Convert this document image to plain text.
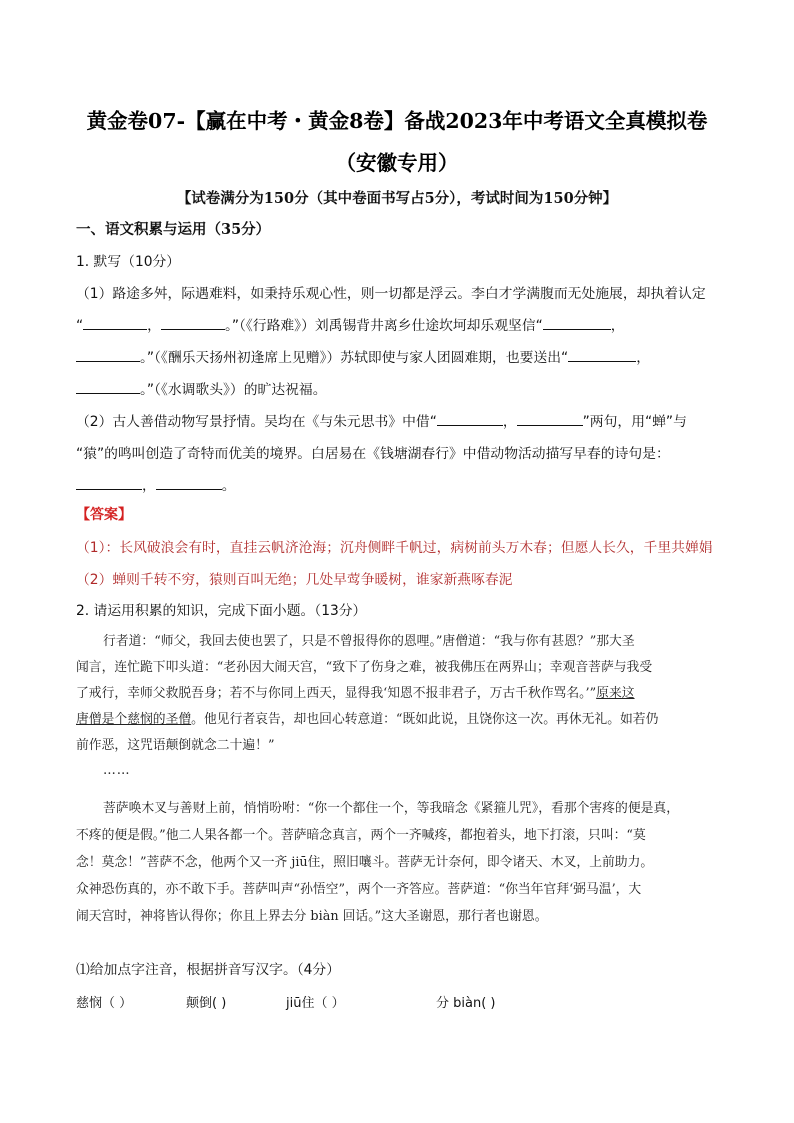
黄金卷07-【赢在中考・黄金8卷】备战2023年中考语文全真模拟卷
（安徽专用）
【试卷满分为150分（其中卷面书写占5分），考试时间为150分钟】
一、语文积累与运用（35分）
1. 默写（10分）
（1）路途多舛，际遇难料，如秉持乐观心性，则一切都是浮云。李白才学满腹而无处施展，却执着认定
“	，	。”（《行路难》）刘禹锡背井离乡仕途坎坷却乐观坚信“	，
。”（《酬乐天扬州初逢席上见赠》）苏轼即使与家人团圆难期，也要送出“	，
。”（《水调歌头》）的旷达祝福。
（2）古人善借动物写景抒情。吴均在《与朱元思书》中借“	，	”两句，用“蝉”与
“猿”的鸣叫创造了奇特而优美的境界。白居易在《钱塘湖春行》中借动物活动描写早春的诗句是：
，	。
【答案】
（1）：长风破浪会有时，直挂云帆济沧海；沉舟侧畔千帆过，病树前头万木春；但愿人长久，千里共婵娟
（2）蝉则千转不穷，猿则百叫无绝；几处早莺争暖树，谁家新燕啄春泥
2. 请运用积累的知识，完成下面小题。（13分）
行者道：“师父，我回去使也罢了，只是不曾报得你的恩哩。”唐僧道：“我与你有甚恩？”那大圣
闻言，连忙跪下叩头道：“老孙因大闹天宫，“致下了伤身之难，被我佛压在两界山；幸观音菩萨与我受
了戒行，幸师父救脱吾身；若不与你同上西天，显得我‘知恩不报非君子，万古千秋作骂名。’”原来这
唐僧是个慈悯的圣僧。他见行者哀告，却也回心转意道：“既如此说，且饶你这一次。再休无礼。如若仍
前作恶，这咒语颠倒就念二十遍！”
……
菩萨唤木叉与善财上前，悄悄吩咐：“你一个都住一个，等我暗念《紧箍儿咒》，看那个害疼的便是真，
不疼的便是假。”他二人果各都一个。菩萨暗念真言，两个一齐喊疼，都抱着头，地下打滚，只叫：“莫
念！莫念！”菩萨不念，他两个又一齐 jiū住，照旧嚷斗。菩萨无计奈何，即令诸天、木叉，上前助力。
众神恐伤真的，亦不敢下手。菩萨叫声“孙悟空”，两个一齐答应。菩萨道：“你当年官拜‘弼马温’，大
闹天宫时，神将皆认得你；你且上界去分 biàn 回话。”这大圣谢恩，那行者也谢恩。
⑴给加点字注音，根据拼音写汉字。（4分）
慈悯（ ）	颠倒( )	jiū住（ ）	分 biàn( )
